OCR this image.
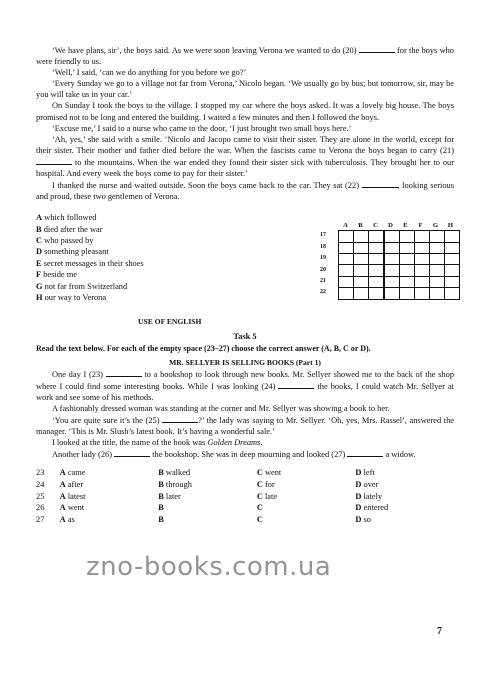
‘We have plans, sir’, the boys said. As we were soon leaving Verona we wanted to do (20)	for the boys who were friendly to us.

‘Well,’ I said, ‘can we do anything for you before we go?’

‘Every Sunday we go to a village not far from Verona,’ Nicolo began. ‘We usually go by bus; but tomorrow, sir, may be you will take us in your car.’

On Sunday I took the boys to the village. I stopped my car where the boys asked. It was a lovely big house. The boys promised not to be long and entered the building. I waited a few minutes and then I followed the boys.

‘Excuse me,’ I said to a nurse who came to the door, ‘I just brought two small boys here.’

‘Ah, yes,’ she said with a smile. ‘Nicolo and Jacopo came to visit their sister. They are alone in the world, except for their sister. Their mother and father died before the war. When the fascists came to Verona the boys began to carry (21)  to the mountains. When the war ended they found their sister sick with tuberculosis. They brought her to our hospital. And every week the boys come to pay for their sister.’

I thanked the nurse and waited outside. Soon the boys came back to the car. They sat (22)	, looking serious and proud, these two gentlemen of Verona.

A which followed
B died after the war
C who passed by
D something pleasant
E secret messages in their shoes
F beside me
G not far from Switzerland
H our way to Verona
A	B	C	D	E	F	G	H
17
18
19
20
21
22
USE OF ENGLISH
Task 5

Read the text below. For each of the empty space (23–27) choose the correct answer (A, B, C or D).

MR. SELLYER IS SELLING BOOKS (Part 1)

One day I (23)	to a bookshop to look through new books. Mr. Sellyer showed me to the back of the shop where I could find some interesting books. While I was looking (24)	the books, I could watch Mr. Sellyer at work and see some of his methods.

A fashionably dressed woman was standing at the corner and Mr. Sellyer was showing a book to her.

‘You are quite sure it’s the (25)	?’ the lady was saying to Mr. Sellyer. ‘Oh, yes, Mrs. Rassel’, answered the manager. ‘This is Mr. Slush’s latest book. It’s having a wonderful sale.’

I looked at the title, the name of the book was Golden Dreams.

Another lady (26)	the bookshop. She was in deep mourning and looked (27)	a widow.

23	A came	B walked	C went	D left
24	A after	B through	C for	D over
25	A latest	B later	C late	D lately
26	A went	B	C	D entered
27	A as	B	C	D so
zno-books.com.ua
7
